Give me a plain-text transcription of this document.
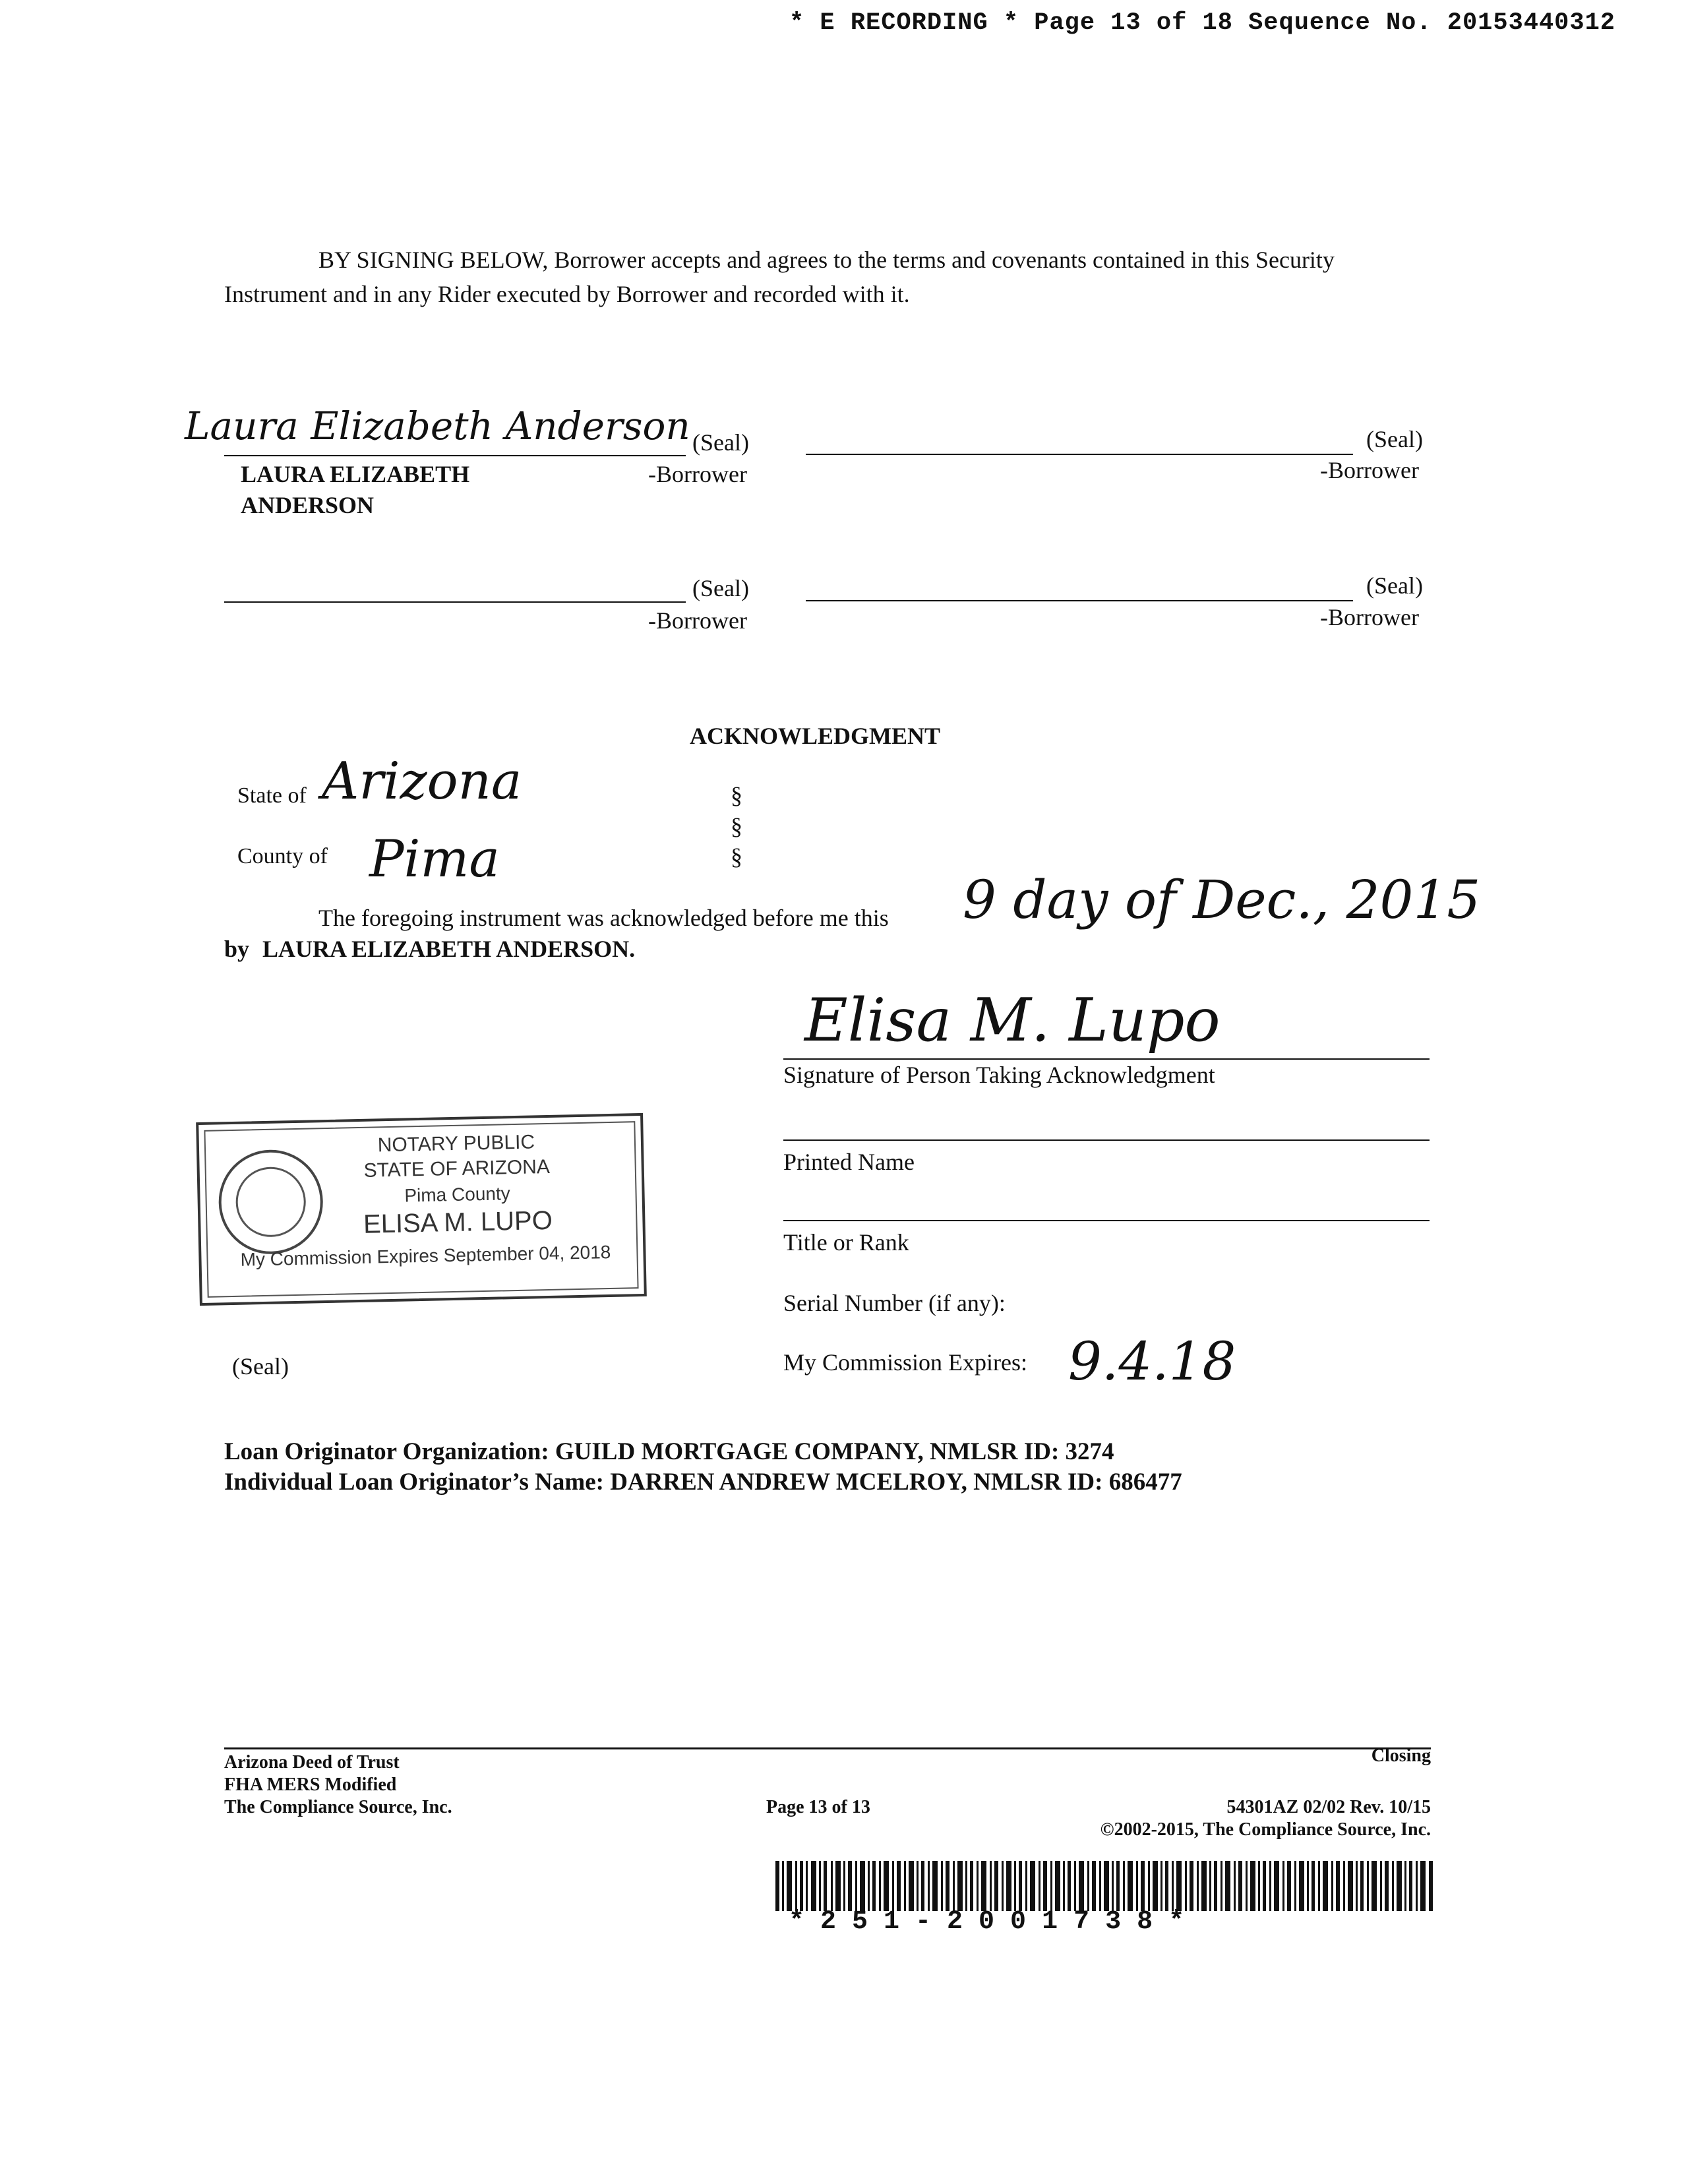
* E RECORDING * Page 13 of 18 Sequence No. 20153440312
BY SIGNING BELOW, Borrower accepts and agrees to the terms and covenants contained in this Security
Instrument and in any Rider executed by Borrower and recorded with it.
Laura Elizabeth Anderson (Seal)
LAURA ELIZABETH
ANDERSON
-Borrower
(Seal)
-Borrower
(Seal)
-Borrower
(Seal)
-Borrower
ACKNOWLEDGMENT
State of Arizona
County of Pima
§
§
§
The foregoing instrument was acknowledged before me this 9 day of Dec., 2015
by LAURA ELIZABETH ANDERSON.
Elisa M. Lupo
Signature of Person Taking Acknowledgment
Printed Name
Title or Rank
Serial Number (if any):
My Commission Expires: 9.4.18
NOTARY PUBLIC
STATE OF ARIZONA
Pima County
ELISA M. LUPO
My Commission Expires September 04, 2018
(Seal)
Loan Originator Organization: GUILD MORTGAGE COMPANY, NMLSR ID: 3274
Individual Loan Originator’s Name: DARREN ANDREW MCELROY, NMLSR ID: 686477
Arizona Deed of Trust
FHA MERS Modified
The Compliance Source, Inc.	Page 13 of 13
Closing
54301AZ 02/02 Rev. 10/15
©2002-2015, The Compliance Source, Inc.
* 2 5 1 - 2 0 0 1 7 3 8 *
